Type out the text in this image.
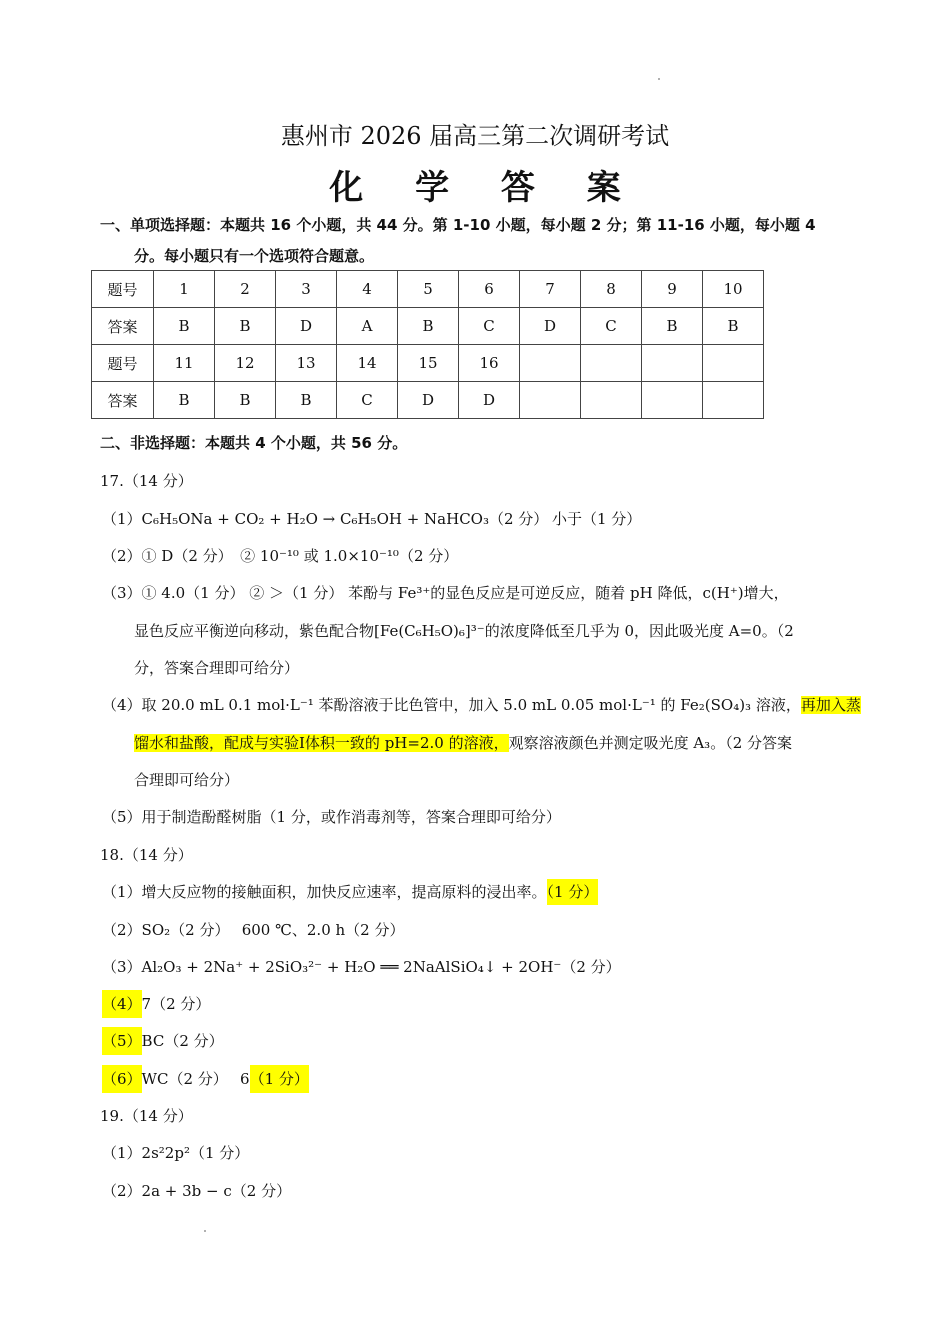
惠州市 2026 届高三第二次调研考试
化 学 答 案
一、单项选择题：本题共 16 个小题，共 44 分。第 1-10 小题，每小题 2 分；第 11-16 小题，每小题 4
分。每小题只有一个选项符合题意。
题号	1	2	3	4	5	6	7	8	9	10
答案	B	B	D	A	B	C	D	C	B	B
题号	11	12	13	14	15	16				
答案	B	B	B	C	D	D				
二、非选择题：本题共 4 个小题，共 56 分。
17.（14 分）
（1）C₆H₅ONa + CO₂ + H₂O → C₆H₅OH + NaHCO₃（2 分） 小于（1 分）
（2）① D（2 分）　② 10⁻¹⁰ 或 1.0×10⁻¹⁰（2 分）
（3）① 4.0（1 分） ② ＞（1 分） 苯酚与 Fe³⁺的显色反应是可逆反应，随着 pH 降低，c(H⁺)增大，
显色反应平衡逆向移动，紫色配合物[Fe(C₆H₅O)₆]³⁻的浓度降低至几乎为 0，因此吸光度 A=0。（2
分，答案合理即可给分）
（4）取 20.0 mL 0.1 mol·L⁻¹ 苯酚溶液于比色管中，加入 5.0 mL 0.05 mol·L⁻¹ 的 Fe₂(SO₄)₃ 溶液，再加入蒸
馏水和盐酸，配成与实验Ⅰ体积一致的 pH=2.0 的溶液，观察溶液颜色并测定吸光度 A₃。（2 分答案
合理即可给分）
（5）用于制造酚醛树脂（1 分，或作消毒剂等，答案合理即可给分）
18.（14 分）
（1）增大反应物的接触面积，加快反应速率，提高原料的浸出率。（1 分）
（2）SO₂（2 分）　 600 ℃、2.0 h（2 分）
（3）Al₂O₃ + 2Na⁺ + 2SiO₃²⁻ + H₂O ══ 2NaAlSiO₄↓ + 2OH⁻（2 分）
（4）7（2 分）
（5）BC（2 分）
（6）WC（2 分）　 6（1 分）
19.（14 分）
（1）2s²2p²（1 分）
（2）2a + 3b − c（2 分）
